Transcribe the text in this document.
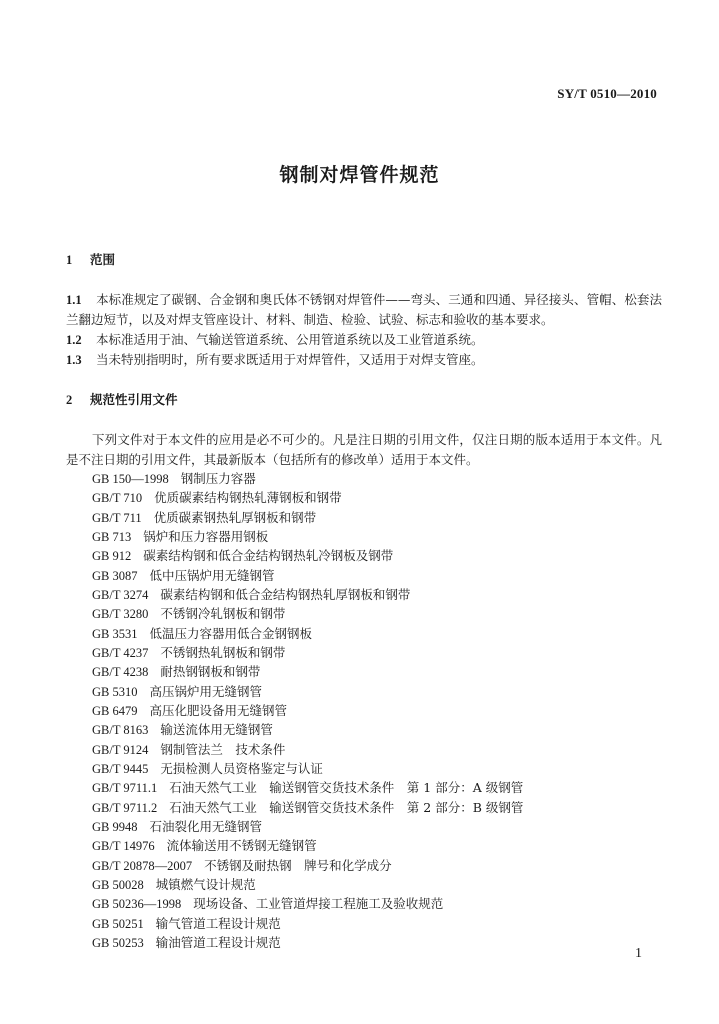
SY/T 0510—2010
钢制对焊管件规范
1 范围
1.1 本标准规定了碳钢、合金钢和奥氏体不锈钢对焊管件——弯头、三通和四通、异径接头、管帽、松套法兰翻边短节，以及对焊支管座设计、材料、制造、检验、试验、标志和验收的基本要求。
1.2 本标准适用于油、气输送管道系统、公用管道系统以及工业管道系统。
1.3 当未特别指明时，所有要求既适用于对焊管件，又适用于对焊支管座。
2 规范性引用文件
下列文件对于本文件的应用是必不可少的。凡是注日期的引用文件，仅注日期的版本适用于本文件。凡是不注日期的引用文件，其最新版本（包括所有的修改单）适用于本文件。
GB 150—1998 钢制压力容器
GB/T 710 优质碳素结构钢热轧薄钢板和钢带
GB/T 711 优质碳素钢热轧厚钢板和钢带
GB 713 锅炉和压力容器用钢板
GB 912 碳素结构钢和低合金结构钢热轧冷钢板及钢带
GB 3087 低中压锅炉用无缝钢管
GB/T 3274 碳素结构钢和低合金结构钢热轧厚钢板和钢带
GB/T 3280 不锈钢冷轧钢板和钢带
GB 3531 低温压力容器用低合金钢钢板
GB/T 4237 不锈钢热轧钢板和钢带
GB/T 4238 耐热钢钢板和钢带
GB 5310 高压锅炉用无缝钢管
GB 6479 高压化肥设备用无缝钢管
GB/T 8163 输送流体用无缝钢管
GB/T 9124 钢制管法兰　技术条件
GB/T 9445 无损检测人员资格鉴定与认证
GB/T 9711.1 石油天然气工业　输送钢管交货技术条件　第 1 部分：A 级钢管
GB/T 9711.2 石油天然气工业　输送钢管交货技术条件　第 2 部分：B 级钢管
GB 9948 石油裂化用无缝钢管
GB/T 14976 流体输送用不锈钢无缝钢管
GB/T 20878—2007 不锈钢及耐热钢　牌号和化学成分
GB 50028 城镇燃气设计规范
GB 50236—1998 现场设备、工业管道焊接工程施工及验收规范
GB 50251 输气管道工程设计规范
GB 50253 输油管道工程设计规范
1
